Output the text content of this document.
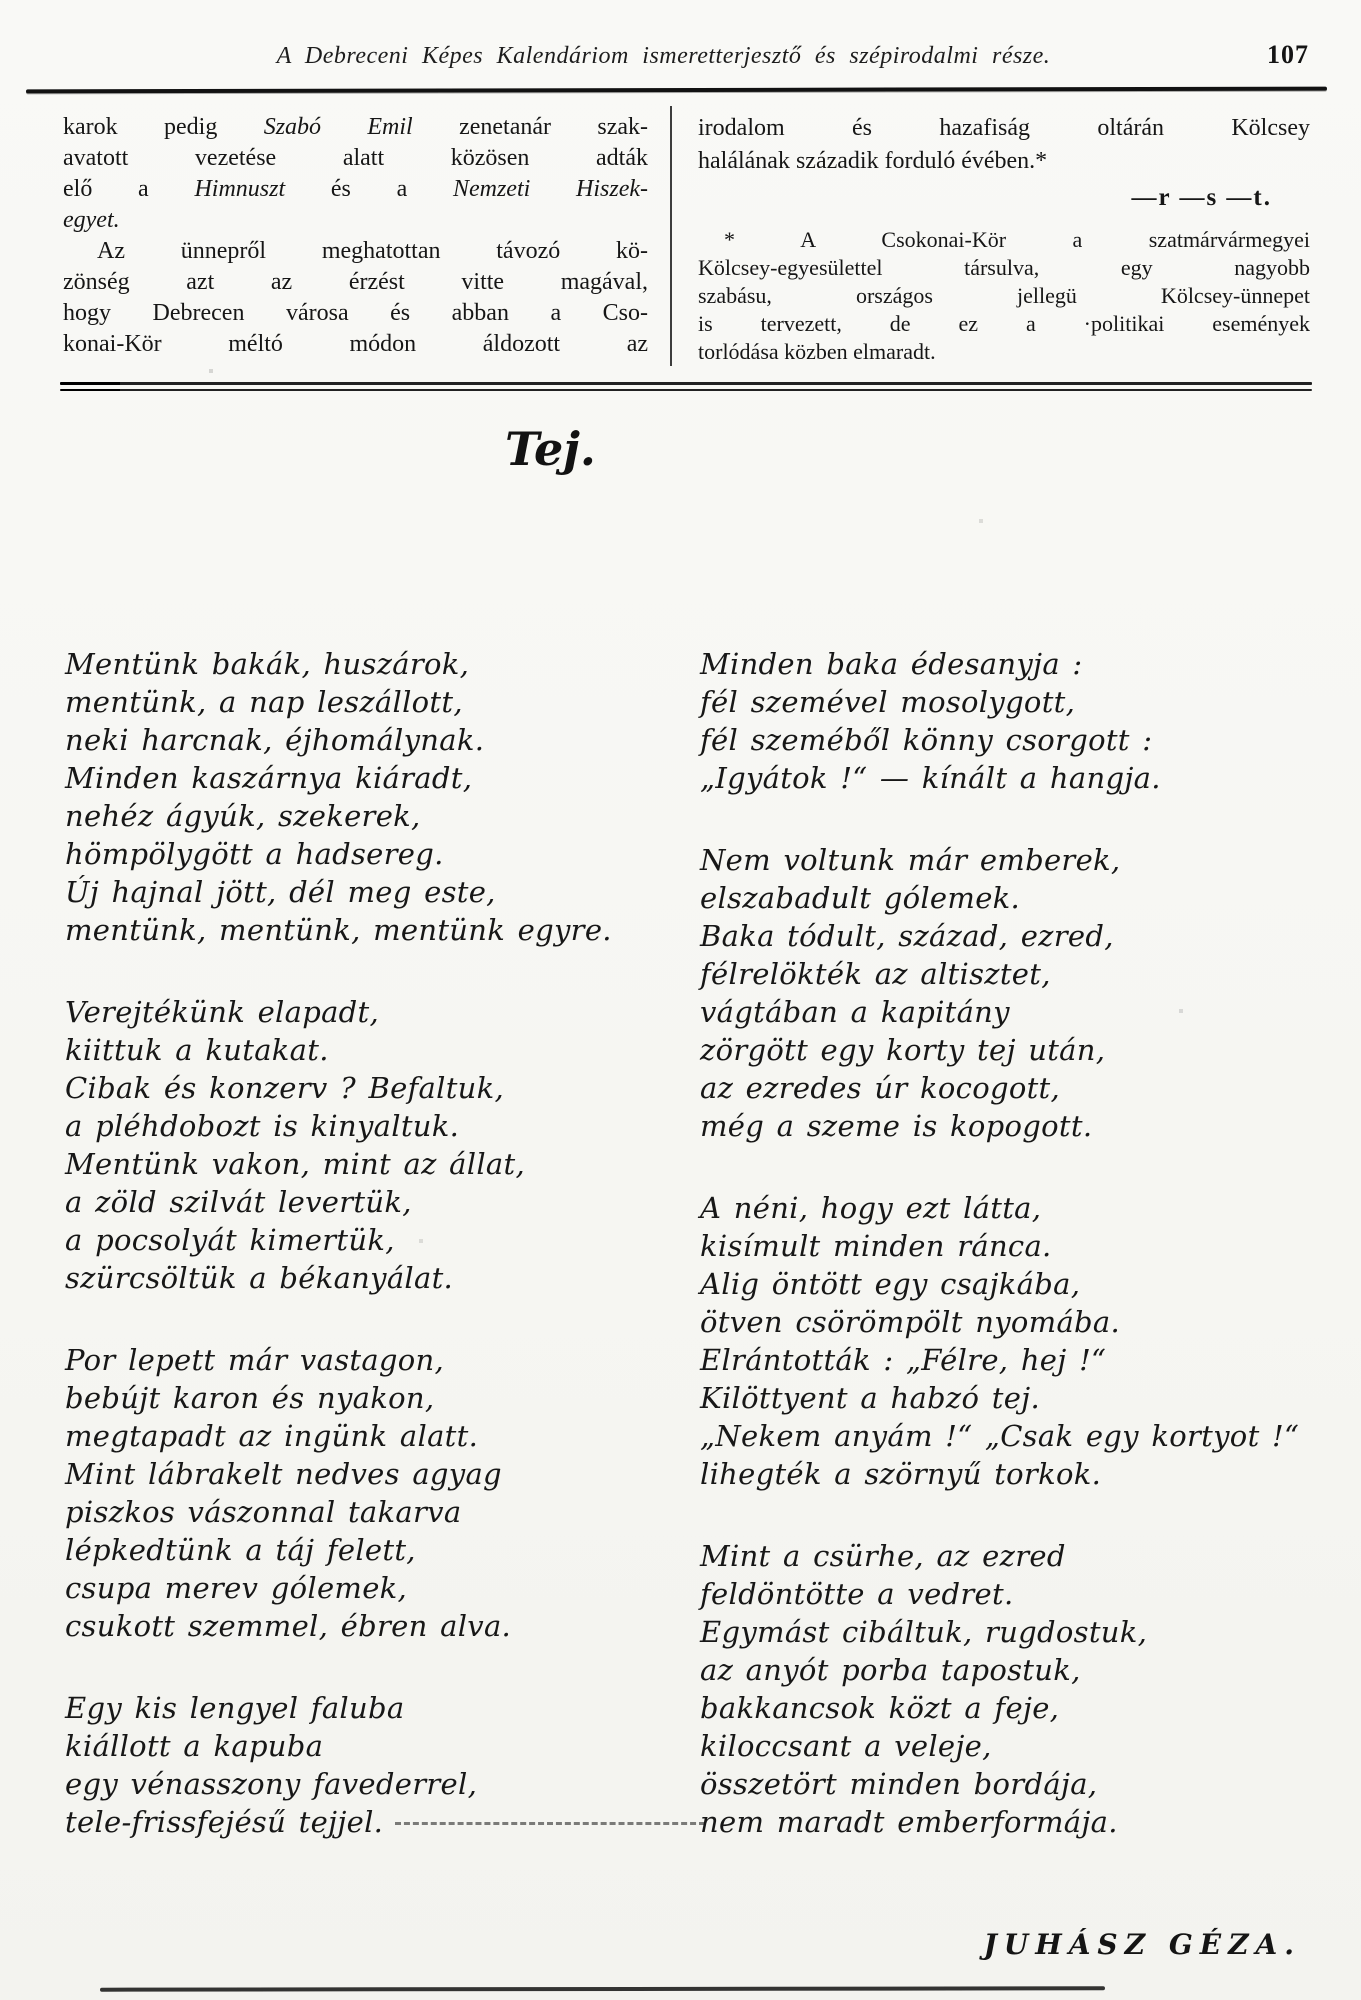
A Debreceni Képes Kalendáriom ismeretterjesztő és szépirodalmi része.	107
karok pedig Szabó Emil zenetanár szak-
avatott vezetése alatt közösen adták
elő a Himnuszt és a Nemzeti Hiszek-
egyet.
Az ünnepről meghatottan távozó kö-
zönség azt az érzést vitte magával,
hogy Debrecen városa és abban a Cso-
konai-Kör méltó módon áldozott az
irodalom és hazafiság oltárán Kölcsey
halálának századik forduló évében.*
—r —s —t.
* A Csokonai-Kör a szatmárvármegyei
Kölcsey-egyesülettel társulva, egy nagyobb
szabásu, országos jellegü Kölcsey-ünnepet
is tervezett, de ez a ·politikai események
torlódása közben elmaradt.
Tej.
Mentünk bakák, huszárok,
mentünk, a nap leszállott,
neki harcnak, éjhomálynak.
Minden kaszárnya kiáradt,
nehéz ágyúk, szekerek,
hömpölygött a hadsereg.
Új hajnal jött, dél meg este,
mentünk, mentünk, mentünk egyre.
Verejtékünk elapadt,
kiittuk a kutakat.
Cibak és konzerv ? Befaltuk,
a pléhdobozt is kinyaltuk.
Mentünk vakon, mint az állat,
a zöld szilvát levertük,
a pocsolyát kimertük,
szürcsöltük a békanyálat.
Por lepett már vastagon,
bebújt karon és nyakon,
megtapadt az ingünk alatt.
Mint lábrakelt nedves agyag
piszkos vászonnal takarva
lépkedtünk a táj felett,
csupa merev gólemek,
csukott szemmel, ébren alva.
Egy kis lengyel faluba
kiállott a kapuba
egy vénasszony favederrel,
tele-frissfejésű tejjel.
Minden baka édesanyja :
fél szemével mosolygott,
fél szeméből könny csorgott :
„Igyátok !“ — kínált a hangja.
Nem voltunk már emberek,
elszabadult gólemek.
Baka tódult, század, ezred,
félrelökték az altisztet,
vágtában a kapitány
zörgött egy korty tej után,
az ezredes úr kocogott,
még a szeme is kopogott.
A néni, hogy ezt látta,
kisímult minden ránca.
Alig öntött egy csajkába,
ötven csörömpölt nyomába.
Elrántották : „Félre, hej !“
Kilöttyent a habzó tej.
„Nekem anyám !“ „Csak egy kortyot !“
lihegték a szörnyű torkok.
Mint a csürhe, az ezred
feldöntötte a vedret.
Egymást cibáltuk, rugdostuk,
az anyót porba tapostuk,
bakkancsok közt a feje,
kiloccsant a veleje,
összetört minden bordája,
nem maradt emberformája.
JUHÁSZ GÉZA.
